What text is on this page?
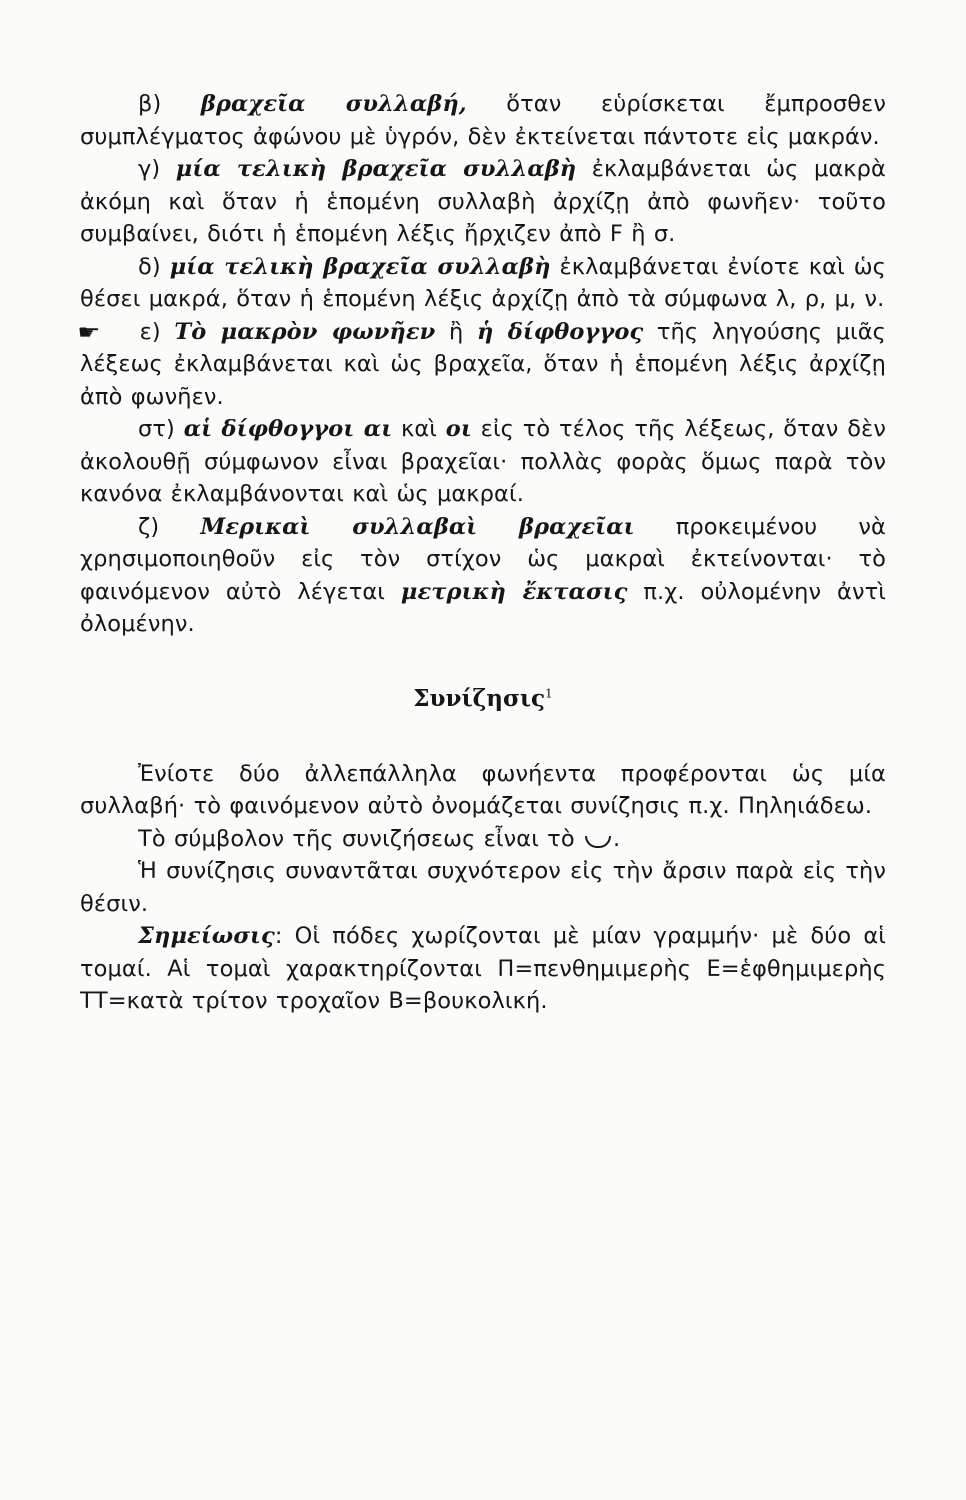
β) βραχεῖα συλλαβή, ὅταν εὑρίσκεται ἔμπροσθεν συμπλέγματος ἀφώνου μὲ ὑγρόν, δὲν ἐκτείνεται πάντοτε εἰς μακράν.

γ) μία τελικὴ βραχεῖα συλλαβὴ ἐκλαμβάνεται ὡς μακρὰ ἀκόμη καὶ ὅταν ἡ ἑπομένη συλλαβὴ ἀρχίζῃ ἀπὸ φωνῆεν· τοῦτο συμβαίνει, διότι ἡ ἑπομένη λέξις ἤρχιζεν ἀπὸ F ἢ σ.

δ) μία τελικὴ βραχεῖα συλλαβὴ ἐκλαμβάνεται ἐνίοτε καὶ ὡς θέσει μακρά, ὅταν ἡ ἑπομένη λέξις ἀρχίζῃ ἀπὸ τὰ σύμφωνα λ, ρ, μ, ν.

☛ ε) Τὸ μακρὸν φωνῆεν ἢ ἡ δίφθογγος τῆς ληγούσης μιᾶς λέξεως ἐκλαμβάνεται καὶ ὡς βραχεῖα, ὅταν ἡ ἑπομένη λέξις ἀρχίζῃ ἀπὸ φωνῆεν.

στ) αἱ δίφθογγοι αι καὶ οι εἰς τὸ τέλος τῆς λέξεως, ὅταν δὲν ἀκολουθῇ σύμφωνον εἶναι βραχεῖαι· πολλὰς φορὰς ὅμως παρὰ τὸν κανόνα ἐκλαμβάνονται καὶ ὡς μακραί.

ζ) Μερικαὶ συλλαβαὶ βραχεῖαι προκειμένου νὰ χρησιμοποιηθοῦν εἰς τὸν στίχον ὡς μακραὶ ἐκτείνονται· τὸ φαινόμενον αὐτὸ λέγεται μετρικὴ ἔκτασις π.χ. οὐλομένην ἀντὶ ὀλομένην.

Συνίζησις$^1$

Ἐνίοτε δύο ἀλλεπάλληλα φωνήεντα προφέρονται ὡς μία συλλαβή· τὸ φαινόμενον αὐτὸ ὀνομάζεται συνίζησις π.χ. Πηληιάδεω.

Τὸ σύμβολον τῆς συνιζήσεως εἶναι τὸ .

Ἡ συνίζησις συναντᾶται συχνότερον εἰς τὴν ἄρσιν παρὰ εἰς τὴν θέσιν.

Σημείωσις: Οἱ πόδες χωρίζονται μὲ μίαν γραμμήν· μὲ δύο αἱ τομαί. Αἱ τομαὶ χαρακτηρίζονται Π=πενθημιμερὴς Ε=ἑφθημιμερὴς ΤΤ=κατὰ τρίτον τροχαῖον Β=βουκολική.
